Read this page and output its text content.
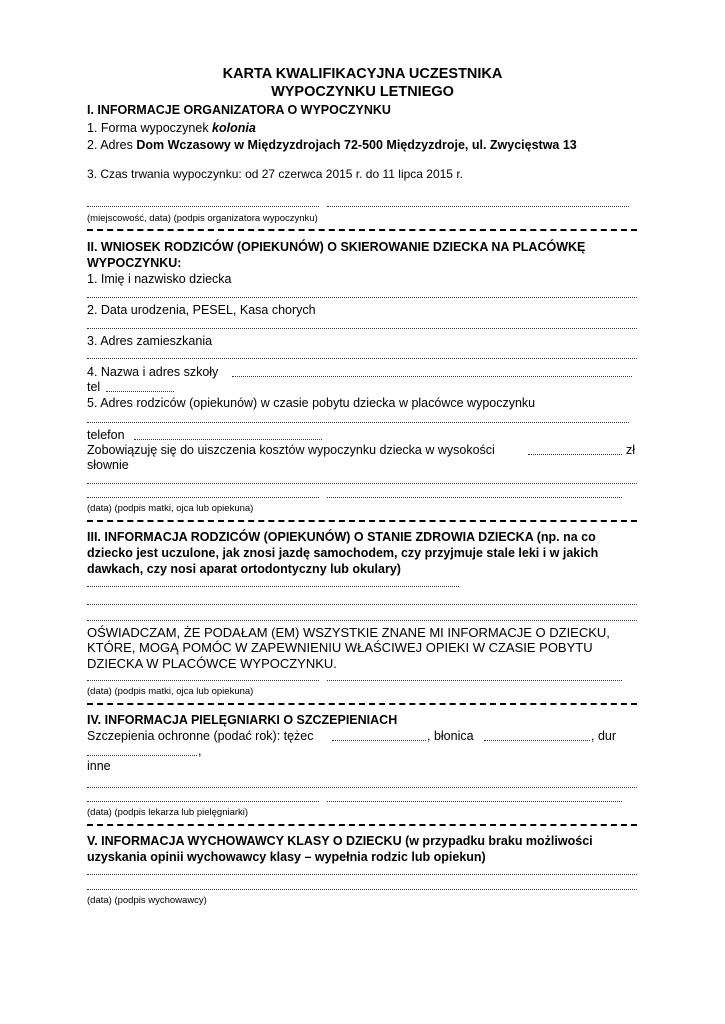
KARTA KWALIFIKACYJNA UCZESTNIKA
WYPOCZYNKU LETNIEGO
I. INFORMACJE ORGANIZATORA O WYPOCZYNKU
1. Forma wypoczynek kolonia
2. Adres Dom Wczasowy w Międzyzdrojach 72-500 Międzyzdroje, ul. Zwycięstwa 13
3. Czas trwania wypoczynku: od 27 czerwca 2015 r. do 11 lipca 2015 r.
(miejscowość, data) (podpis organizatora wypoczynku)
II. WNIOSEK RODZICÓW (OPIEKUNÓW) O SKIEROWANIE DZIECKA NA PLACÓWKĘ
WYPOCZYNKU:
1. Imię i nazwisko dziecka
2. Data urodzenia, PESEL, Kasa chorych
3. Adres zamieszkania
4. Nazwa i adres szkoły
tel
5. Adres rodziców (opiekunów) w czasie pobytu dziecka w placówce wypoczynku
telefon
Zobowiązuję się do uiszczenia kosztów wypoczynku dziecka w wysokości	zł
słownie
(data) (podpis matki, ojca lub opiekuna)
III. INFORMACJA RODZICÓW (OPIEKUNÓW) O STANIE ZDROWIA DZIECKA (np. na co
dziecko jest uczulone, jak znosi jazdę samochodem, czy przyjmuje stale leki i w jakich
dawkach, czy nosi aparat ortodontyczny lub okulary)
OŚWIADCZAM, ŻE PODAŁAM (EM) WSZYSTKIE ZNANE MI INFORMACJE O DZIECKU,
KTÓRE, MOGĄ POMÓC W ZAPEWNIENIU WŁAŚCIWEJ OPIEKI W CZASIE POBYTU
DZIECKA W PLACÓWCE WYPOCZYNKU.
(data) (podpis matki, ojca lub opiekuna)
IV. INFORMACJA PIELĘGNIARKI O SZCZEPIENIACH
Szczepienia ochronne (podać rok): tężec	, błonica	, dur
,
inne
(data) (podpis lekarza lub pielęgniarki)
V. INFORMACJA WYCHOWAWCY KLASY O DZIECKU (w przypadku braku możliwości
uzyskania opinii wychowawcy klasy – wypełnia rodzic lub opiekun)
(data) (podpis wychowawcy)
